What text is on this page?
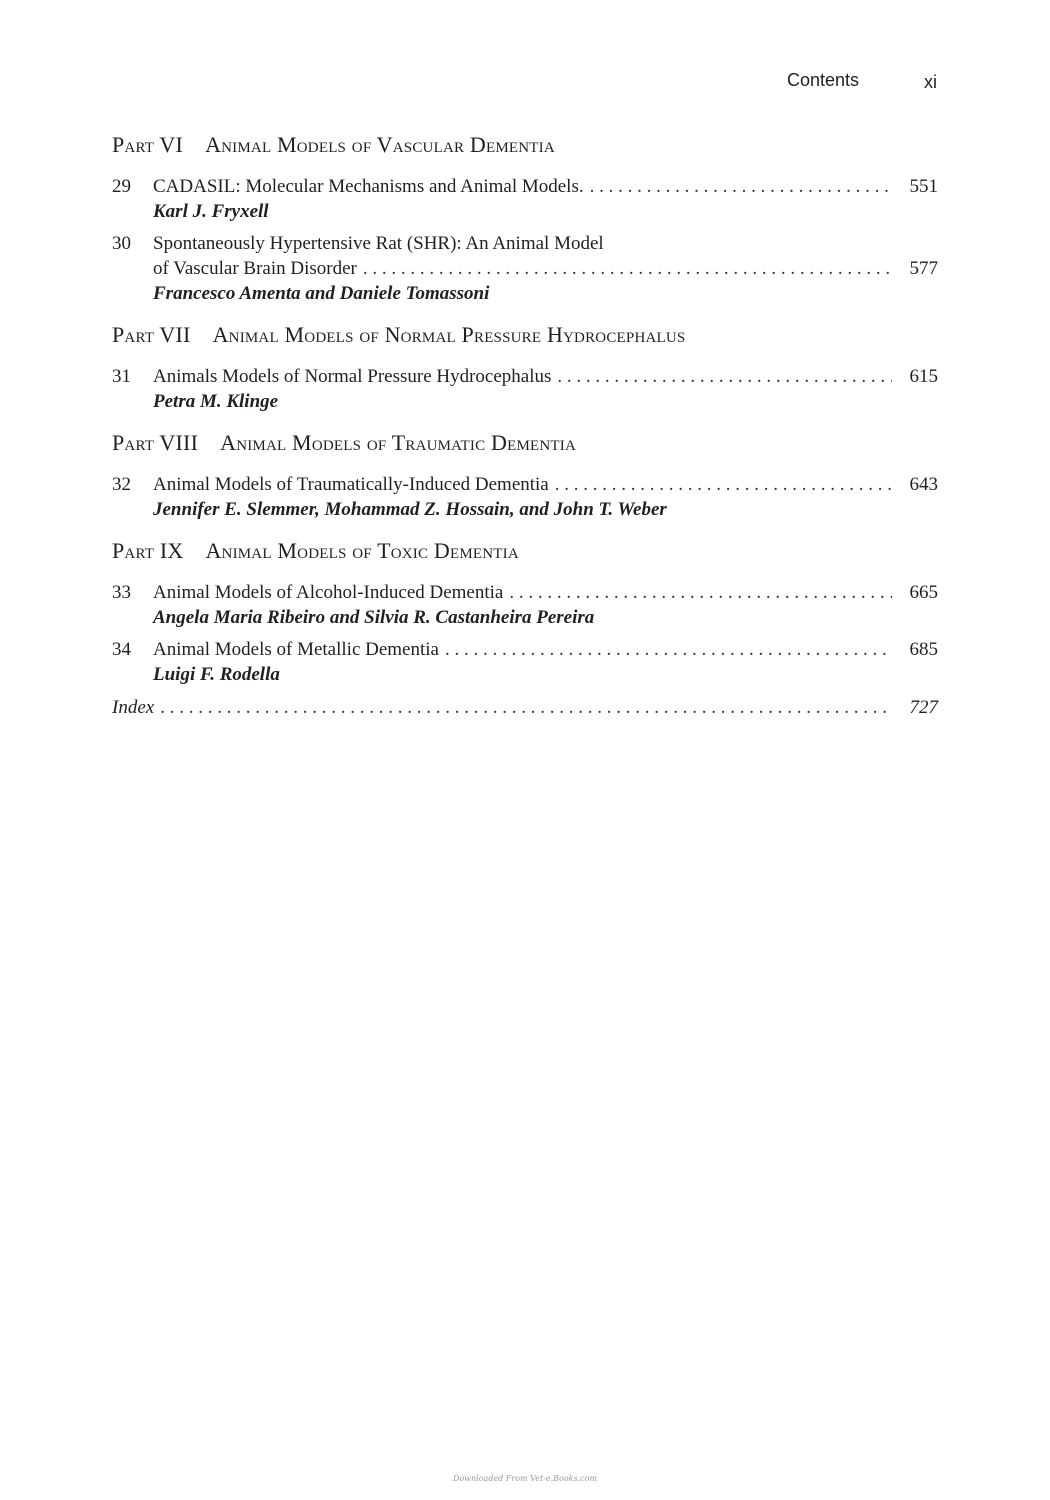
Contents	xi
Part VI Animal Models of Vascular Dementia
29	CADASIL: Molecular Mechanisms and Animal Models. . . .	551
Karl J. Fryxell
30	Spontaneously Hypertensive Rat (SHR): An Animal Model
of Vascular Brain Disorder . . .	577
Francesco Amenta and Daniele Tomassoni
Part VII Animal Models of Normal Pressure Hydrocephalus
31	Animals Models of Normal Pressure Hydrocephalus . . .	615
Petra M. Klinge
Part VIII Animal Models of Traumatic Dementia
32	Animal Models of Traumatically-Induced Dementia . . .	643
Jennifer E. Slemmer, Mohammad Z. Hossain, and John T. Weber
Part IX Animal Models of Toxic Dementia
33	Animal Models of Alcohol-Induced Dementia . . .	665
Angela Maria Ribeiro and Silvia R. Castanheira Pereira
34	Animal Models of Metallic Dementia . . .	685
Luigi F. Rodella
Index . . .	727
Downloaded From Vet-e.Books.com
